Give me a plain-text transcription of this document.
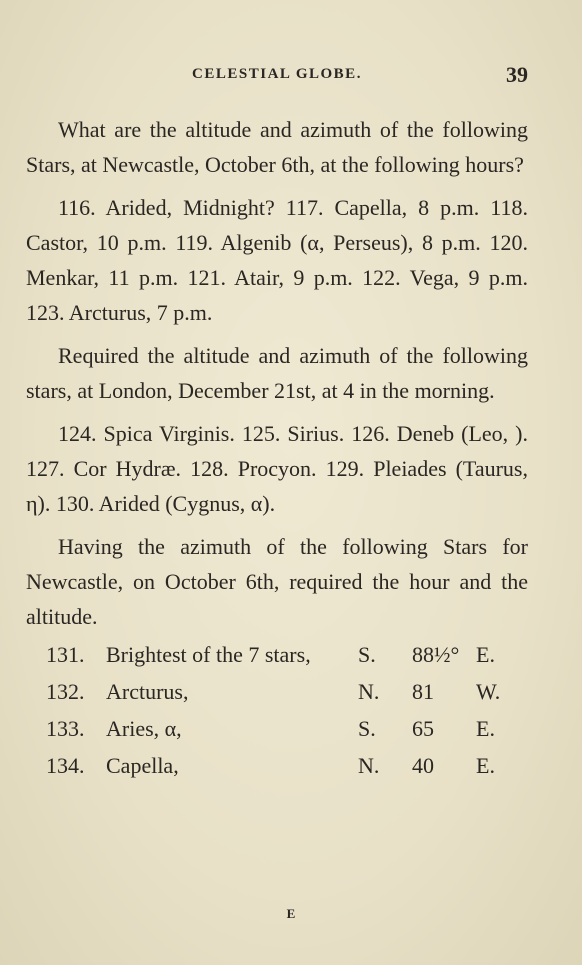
CELESTIAL GLOBE.	39

What are the altitude and azimuth of the following Stars, at Newcastle, October 6th, at the following hours?

116. Arided, Midnight? 117. Capella, 8 p.m. 118. Castor, 10 p.m. 119. Algenib (α, Perseus), 8 p.m. 120. Menkar, 11 p.m. 121. Atair, 9 p.m. 122. Vega, 9 p.m. 123. Arcturus, 7 p.m.

Required the altitude and azimuth of the following stars, at London, December 21st, at 4 in the morning.

124. Spica Virginis. 125. Sirius. 126. Deneb (Leo, ). 127. Cor Hydræ. 128. Procyon. 129. Pleiades (Taurus, η). 130. Arided (Cygnus, α).

Having the azimuth of the following Stars for Newcastle, on October 6th, required the hour and the altitude.

131. Brightest of the 7 stars, S. 88½° E.
132. Arcturus,	N. 81 W.
133. Aries, α,	S. 65 E.
134. Capella,	N. 40 E.
E
